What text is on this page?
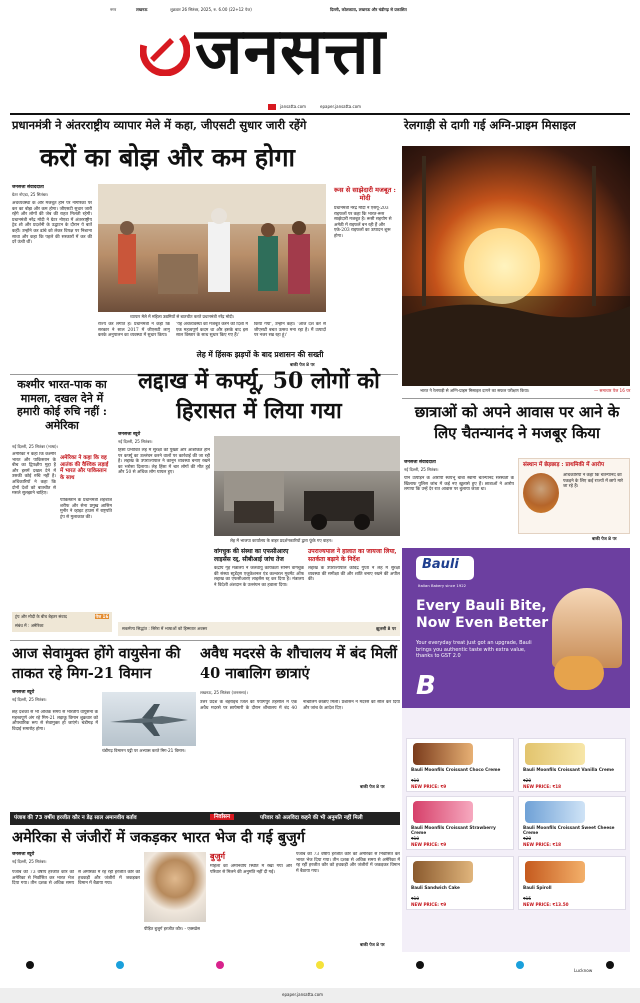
नगर	लखनऊ	शुक्रवार 26 सितंबर, 2025, रु. 6.00 (22+12 पेज)	दिल्ली, कोलकाता, लखनऊ और चंडीगढ़ से प्रकाशित
जनसत्ता
jansatta.com	epaper.jansatta.com
प्रधानमंत्री ने अंतरराष्ट्रीय व्यापार मेले में कहा, जीएसटी सुधार जारी रहेंगे	रेलगाड़ी से दागी गई अग्नि-प्राइम मिसाइल
करों का बोझ और कम होगा
जनसत्ता संवाददाता
ग्रेटर नोएडा, 25 सितंबर।
अर्थव्यवस्था के और मजबूत होने पर नागरिकों पर कर का बोझ और कम होगा। जीएसटी सुधार जारी रहेंगे और लोगों की जेब की राहत मिलती रहेगी। प्रधानमंत्री नरेंद्र मोदी ने ग्रेटर नोएडा में अंतरराष्ट्रीय ट्रेड शो और प्रदर्शनी के उद्घाटन के दौरान ये बातें कहीं। उन्होंने कर ढांचे को लेकर विपक्ष पर निशाना साधा और कहा कि पहले की सरकारों में कर की दरें ऊंची थीं।
व्यापार मेले में महिला उद्यमियों से बातचीत करते प्रधानमंत्री नरेंद्र मोदी।
राज्य कर लगाते हैं। प्रधानमंत्री ने कहा कि सरकार ने साल 2017 में जीएसटी लागू करके अनुपालन का व्यवस्था में सुधार किया।
'यह अर्थव्यवस्था को मजबूत करने की दिशा में एक महत्वपूर्ण कदम था और इसके बाद इस साल विस्तार के साथ सुधार किए गए हैं।'
किया गया', उन्होंने कहा। 'आज देश कर से जीएसटी बचत उत्सव मना रहा है। मैं उत्पादों पर नजर रख रहा हूं।'
बाकी पेज 8 पर
रूस से साझेदारी मजबूत : मोदी
प्रधानमंत्री नरेंद्र मोदी ने एसयू-203 राइफलों पर कहा कि भारत-रूस साझेदारी मजबूत है। रूसी सहयोग से अमेठी में राइफलें बन रही हैं और एके-203 राइफलों का उत्पादन शुरू होगा।
भारत ने रेलगाड़ी से अग्नि-प्राइम मिसाइल दागने का सफल परीक्षण किया।	— समाचार पेज 16 पर
कश्मीर भारत-पाक का मामला, दखल देने में हमारी कोई रुचि नहीं : अमेरिका
नई दिल्ली, 25 सितंबर (भाषा)।
अमेरिका ने कहा कि कश्मीर भारत और पाकिस्तान के बीच का द्विपक्षीय मुद्दा है और इसमें दखल देने में उसकी कोई रुचि नहीं है। अधिकारियों ने कहा कि दोनों देशों को बातचीत से मसले सुलझाने चाहिए।
अमेरिका ने कहा कि वह आतंक की वैश्विक लड़ाई में भारत और पाकिस्तान के साथ
पाकिस्तान के प्रधानमंत्री शहबाज शरीफ और सेना प्रमुख आसिम मुनीर ने व्हाइट हाउस में राष्ट्रपति ट्रंप से मुलाकात की।
ट्रंप और मोदी के बीच बेहतर संवाद
संबंध में : अमेरिका
पेज 16
लेह में हिंसक झड़पों के बाद प्रशासन की सख्ती
लद्दाख में कर्फ्यू, 50 लोगों को हिरासत में लिया गया
जनसत्ता ब्यूरो
नई दिल्ली, 25 सितंबर।
हिंसा प्रभावित लेह में सुरक्षा को पुख्ता और आशंकित होने पर कर्फ्यू का उल्लंघन करने वालों पर कार्रवाई की जा रही है। लद्दाख के उपराज्यपाल ने कानून व्यवस्था बनाए रखने का भरोसा दिलाया। लेह हिंसा में चार लोगों की मौत हुई और 50 से अधिक लोग घायल हुए।
लेह में भाजपा कार्यालय के बाहर प्रदर्शनकारियों द्वारा फूंके गए वाहन।
वांगचुक की संस्था का एफसीआरए लाइसेंस रद्द, सीबीआई जांच तेज
केंद्रीय गृह मंत्रालय ने जलवायु कार्यकर्ता सोनम वांगचुक की संस्था स्टूडेंट्स एजुकेशनल एंड कल्चरल मूवमेंट ऑफ लद्दाख का एफसीआरए लाइसेंस रद्द कर दिया है। मंत्रालय ने विदेशी अंशदान के उल्लंघन का हवाला दिया।
उपराज्यपाल ने हालात का जायजा लिया, सतर्कता बढ़ाने के निर्देश
लद्दाख के उपराज्यपाल कविंद्र गुप्ता ने लेह में सुरक्षा व्यवस्था की समीक्षा की और शांति बनाए रखने की अपील की।
सकर्मण्य सिद्धांत : सिरेरा में भाषाओं को हिम्मतार अवसर	झुलसी 8 पर
छात्राओं को अपने आवास पर आने के लिए चैतन्यानंद ने मजबूर किया
जनसत्ता संवाददाता
नई दिल्ली, 25 सितंबर।
यौन उत्पीड़न के आरोपी स्वयंभू बाबा स्वामी चैतन्यानंद सरस्वती के खिलाफ पुलिस जांच में कई नए खुलासे हुए हैं। छात्राओं ने आरोप लगाया कि उन्हें देर रात आवास पर बुलाया जाता था।
संस्थान में छेड़छाड़ : प्राथमिकी में आरोप
अधिकारियों ने कहा कि चैतन्यानंद को पकड़ने के लिए कई राज्यों में छापे मारे जा रहे हैं।
बाकी पेज 8 पर
Bauli
Italian Bakery since 1922
Every Bauli Bite, Now Even Better
Your everyday treat just got an upgrade, Bauli brings you authentic taste with extra value, thanks to GST 2.0
B
Bauli Moonfils Croissant Choco Creme
₹10
NEW PRICE: ₹9
Bauli Moonfils Croissant Vanilla Creme
₹20
NEW PRICE: ₹18
Bauli Moonfils Croissant Strawberry Creme
₹10
NEW PRICE: ₹9
Bauli Moonfils Croissant Sweet Cheese Creme
₹20
NEW PRICE: ₹18
Bauli Sandwich Cake
₹10
NEW PRICE: ₹9
Bauli Spiroll
₹15
NEW PRICE: ₹13.50
आज सेवामुक्त होंगे वायुसेना की ताकत रहे मिग-21 विमान
जनसत्ता ब्यूरो
नई दिल्ली, 25 सितंबर।
छह दशकों से भी अधिक समय से भारतीय वायुसेना के महत्त्वपूर्ण अंग रहे मिग-21 लड़ाकू विमान शुक्रवार को औपचारिक रूप से सेवामुक्त हो जाएंगे। चंडीगढ़ में विदाई समारोह होगा।
चंडीगढ़ विमानन पट्टी पर अभ्यास करते मिग-21 विमान।
अवैध मदरसे के शौचालय में बंद मिलीं 40 नाबालिग छात्राएं
लखनऊ, 25 सितंबर (जनसत्ता)।
उत्तर प्रदेश के बहराइच जिले की पयागपुर तहसील में एक अवैध मदरसे पर छापेमारी के दौरान शौचालय में बंद 40 नाबालिग छात्राएं मिलीं। प्रशासन ने मदरसे को सील कर दिया और जांच के आदेश दिए।
बाकी पेज 8 पर
पंजाब की 73 वर्षीय हरजीत कौर न डेढ़ साल अमानवीय बर्ताव	निर्वासन	परिवार को अलविदा कहने की भी अनुमति नहीं मिली
अमेरिका से जंजीरों में जकड़कर भारत भेज दी गई बुजुर्ग
जनसत्ता ब्यूरो
नई दिल्ली, 25 सितंबर।
पंजाब की 73 वर्षीय हरजीत कौर को अमेरिका से निर्वासित कर भारत भेज दिया गया। तीन दशक से अधिक समय से अमेरिका में रह रहीं हरजीत कौर को हथकड़ी और जंजीरों में जकड़कर विमान में बैठाया गया।
बुजुर्ग
महिला को अमानवीय स्थिति में रखा गया और परिवार से मिलने की अनुमति नहीं दी गई।
पीड़ित बुजुर्ग हरजीत कौर। - एक्सप्रेस
पंजाब की 73 वर्षीय हरजीत कौर को अमेरिका से निर्वासित कर भारत भेज दिया गया। तीन दशक से अधिक समय से अमेरिका में रह रहीं हरजीत कौर को हथकड़ी और जंजीरों में जकड़कर विमान में बैठाया गया।
बाकी पेज 8 पर
Lucknow
epaper.jansatta.com
